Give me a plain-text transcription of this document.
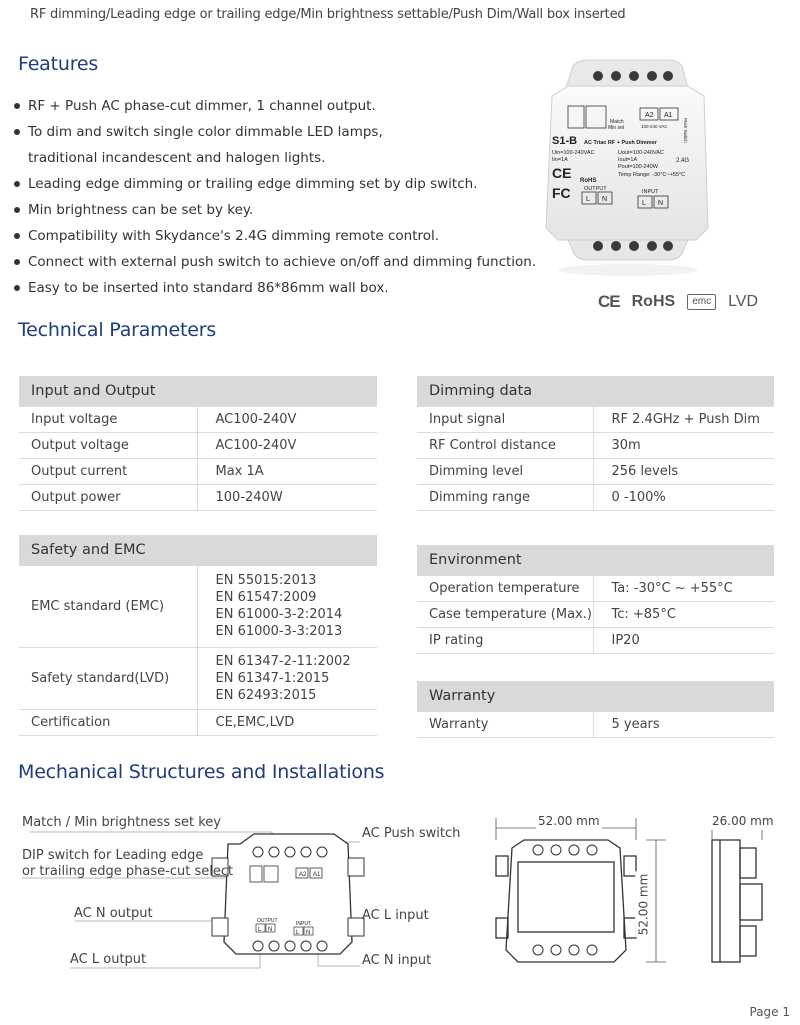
RF dimming/Leading edge or trailing edge/Min brightness settable/Push Dim/Wall box inserted
Features
RF + Push AC phase-cut dimmer, 1 channel output.
To dim and switch single color dimmable LED lamps,
traditional incandescent and halogen lights.
Leading edge dimming or trailing edge dimming set by dip switch.
Min brightness can be set by key.
Compatibility with Skydance's 2.4G dimming remote control.
Connect with external push switch to achieve on/off and dimming function.
Easy to be inserted into standard 86*86mm wall box.
A2 A1
Match
Min set	100-240 VAC	Push Switch
S1-B AC Triac RF + Push Dimmer
Uin=100-240VAC
Iin=1A
Uout=100-240VAC
Iout=1A
Pout=100-240W
Temp Range: -30°C~+55°C
2.4G
CE RoHS
FC OUTPUT	INPUT
L N
L N
CE RoHS	emc	LVD
Technical Parameters
Input and Output	
Input voltage	AC100-240V
Output voltage	AC100-240V
Output current	Max 1A
Output power	100-240W
Safety and EMC	
EMC standard (EMC)	EN 55015:2013
EN 61547:2009
EN 61000-3-2:2014
EN 61000-3-3:2013

Safety standard(LVD)	EN 61347-2-11:2002
EN 61347-1:2015
EN 62493:2015

Certification	CE,EMC,LVD
Dimming data	
Input signal	RF 2.4GHz + Push Dim
RF Control distance	30m
Dimming level	256 levels
Dimming range	0 -100%
Environment	
Operation temperature	Ta: -30°C ~ +55°C
Case temperature (Max.)	Tc: +85°C
IP rating	IP20
Warranty
Warranty	5 years
Mechanical Structures and Installations
A2 A1
OUTPUT	INPUT
L N	L N
Match / Min brightness set key
DIP switch for Leading edge
or trailing edge phase-cut select
AC N output
AC L output
AC Push switch
AC L input
AC N input
52.00 mm	26.00 mm
52.00 mm
Page 1
